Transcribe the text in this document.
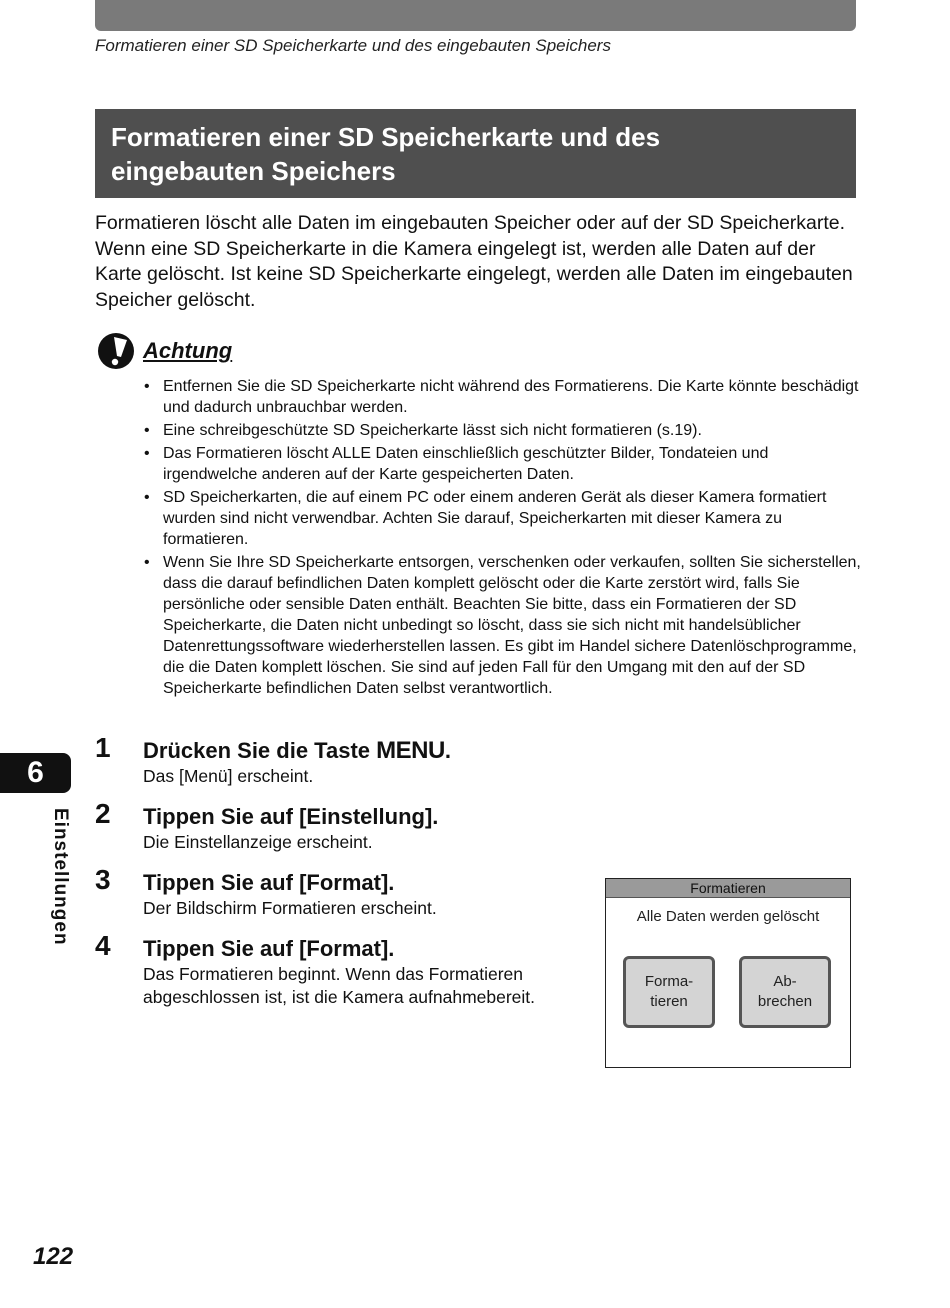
Formatieren einer SD Speicherkarte und des eingebauten Speichers
Formatieren einer SD Speicherkarte und des
eingebauten Speichers

Formatieren löscht alle Daten im eingebauten Speicher oder auf der SD Speicherkarte. Wenn eine SD Speicherkarte in die Kamera eingelegt ist, werden alle Daten auf der Karte gelöscht. Ist keine SD Speicherkarte eingelegt, werden alle Daten im eingebauten Speicher gelöscht.

Achtung
• Entfernen Sie die SD Speicherkarte nicht während des Formatierens. Die Karte könnte beschädigt und dadurch unbrauchbar werden.
• Eine schreibgeschützte SD Speicherkarte lässt sich nicht formatieren (s.19).
• Das Formatieren löscht ALLE Daten einschließlich geschützter Bilder, Tondateien und irgendwelche anderen auf der Karte gespeicherten Daten.
• SD Speicherkarten, die auf einem PC oder einem anderen Gerät als dieser Kamera formatiert wurden sind nicht verwendbar. Achten Sie darauf, Speicherkarten mit dieser Kamera zu formatieren.
• Wenn Sie Ihre SD Speicherkarte entsorgen, verschenken oder verkaufen, sollten Sie sicherstellen, dass die darauf befindlichen Daten komplett gelöscht oder die Karte zerstört wird, falls Sie persönliche oder sensible Daten enthält. Beachten Sie bitte, dass ein Formatieren der SD Speicherkarte, die Daten nicht unbedingt so löscht, dass sie sich nicht mit handelsüblicher Datenrettungssoftware wiederherstellen lassen. Es gibt im Handel sichere Datenlöschprogramme, die die Daten komplett löschen. Sie sind auf jeden Fall für den Umgang mit den auf der SD Speicherkarte befindlichen Daten selbst verantwortlich.
1 Drücken Sie die Taste MENU.
Das [Menü] erscheint.
2 Tippen Sie auf [Einstellung].
Die Einstellanzeige erscheint.
3 Tippen Sie auf [Format].
Der Bildschirm Formatieren erscheint.
4 Tippen Sie auf [Format].
Das Formatieren beginnt. Wenn das Formatieren abgeschlossen ist, ist die Kamera aufnahmebereit.
Formatieren
Alle Daten werden gelöscht
Forma-
tieren
Ab-
brechen
6
Einstellungen
122
